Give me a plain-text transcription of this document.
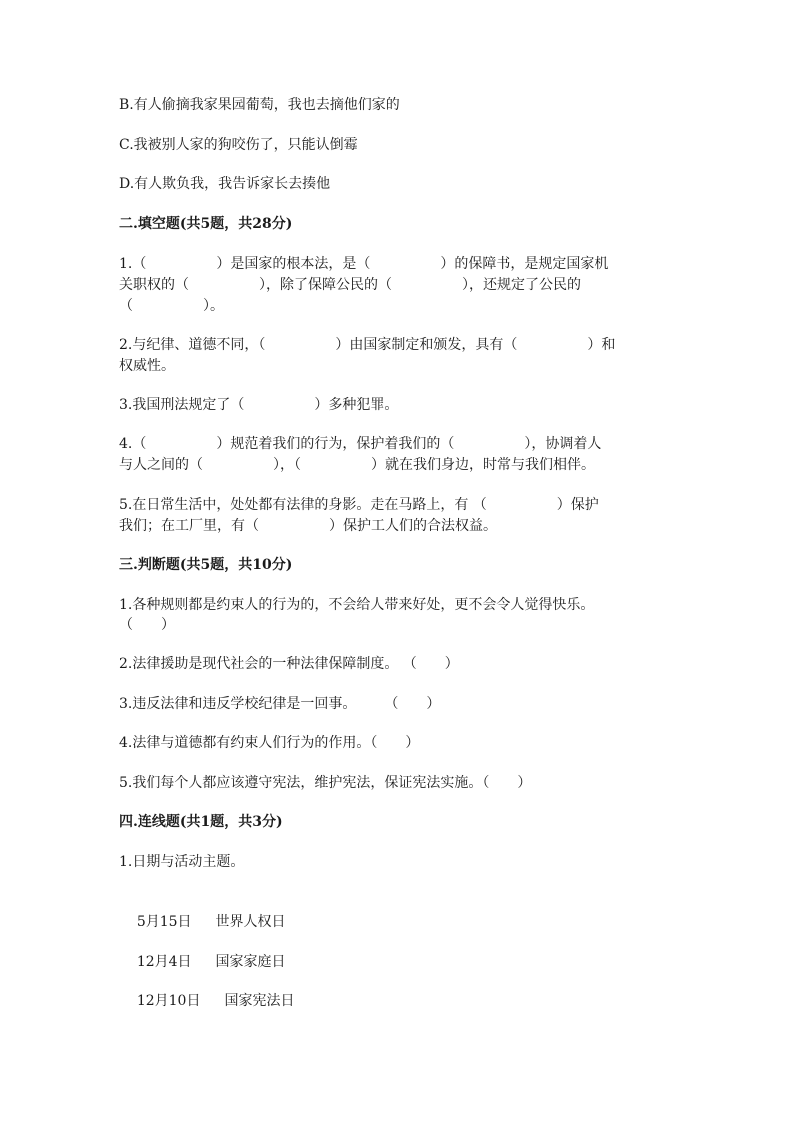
B.有人偷摘我家果园葡萄，我也去摘他们家的
C.我被别人家的狗咬伤了，只能认倒霉
D.有人欺负我，我告诉家长去揍他
二.填空题(共5题，共28分)
1.（　　　　　）是国家的根本法，是（　　　　　）的保障书，是规定国家机
关职权的（　　　　　），除了保障公民的（　　　　　），还规定了公民的
（　　　　　）。
2.与纪律、道德不同，（　　　　　）由国家制定和颁发，具有（　　　　　）和
权威性。
3.我国刑法规定了（　　　　　）多种犯罪。
4.（　　　　　）规范着我们的行为，保护着我们的（　　　　　），协调着人
与人之间的（　　　　　），（　　　　　）就在我们身边，时常与我们相伴。
5.在日常生活中，处处都有法律的身影。走在马路上，有 （　　　　　）保护
我们；在工厂里，有（　　　　　）保护工人们的合法权益。
三.判断题(共5题，共10分)
1.各种规则都是约束人的行为的，不会给人带来好处，更不会令人觉得快乐。
（　　）
2.法律援助是现代社会的一种法律保障制度。 （　　）
3.违反法律和违反学校纪律是一回事。　　　（　　）
4.法律与道德都有约束人们行为的作用。（　　）
5.我们每个人都应该遵守宪法，维护宪法，保证宪法实施。（　　）
四.连线题(共1题，共3分)
1.日期与活动主题。

5月15日 世界人权日

12月4日 国家家庭日

12月10日 国家宪法日
